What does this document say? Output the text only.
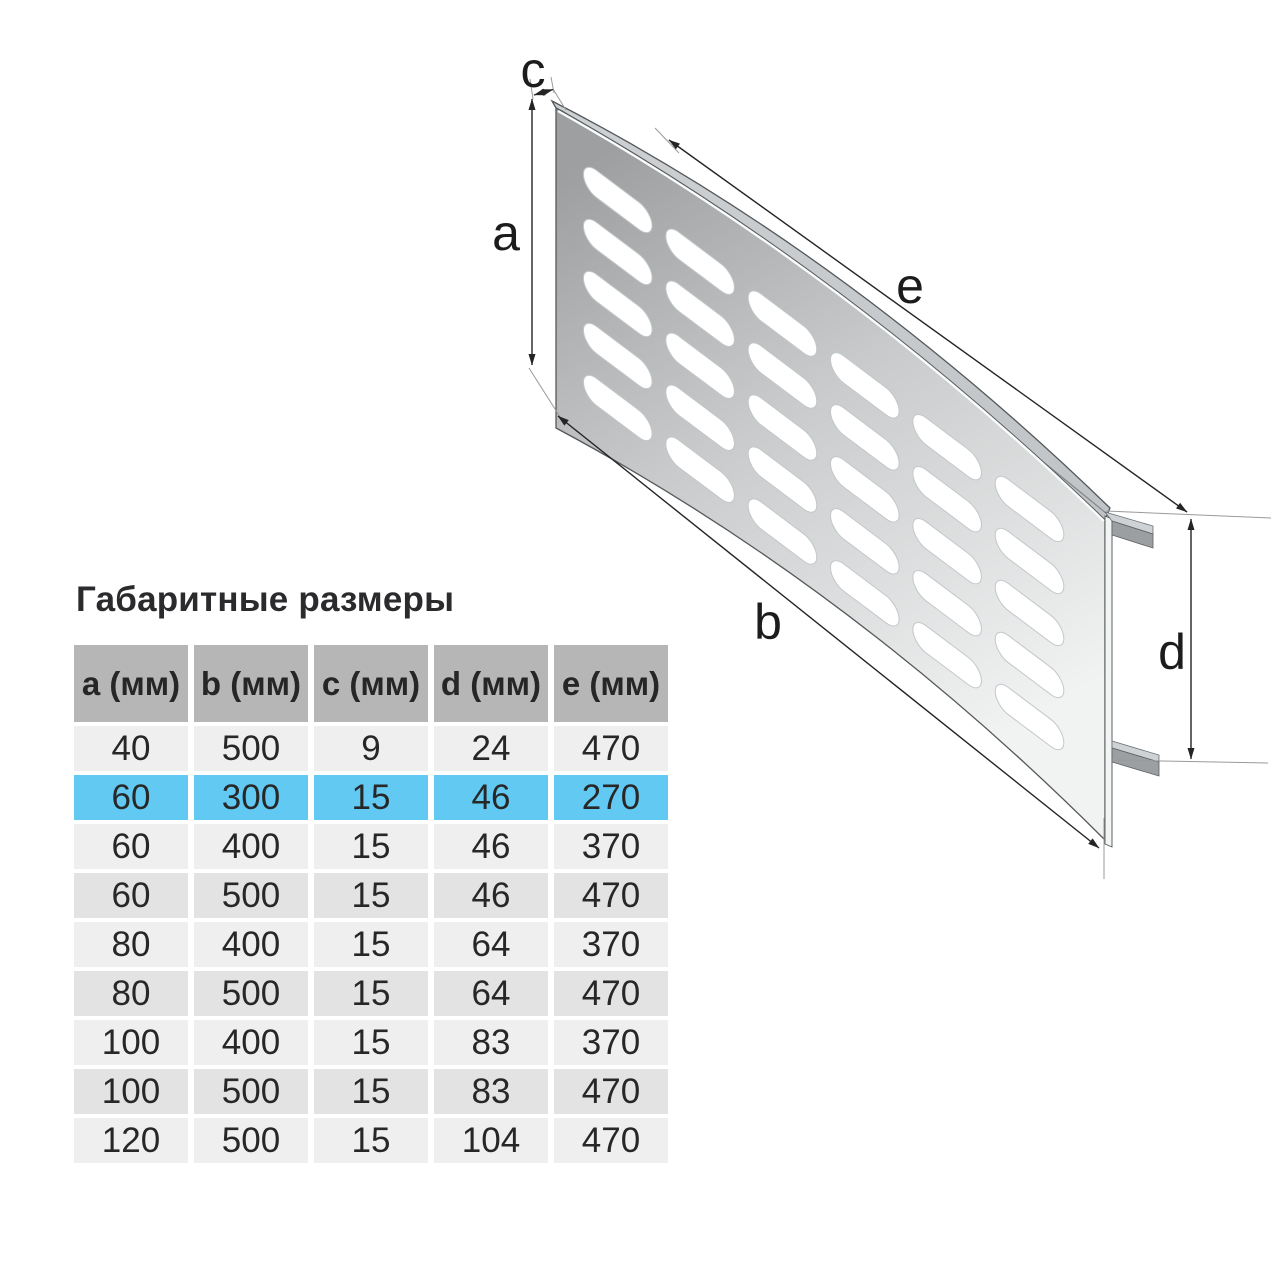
c
a
e
b
d
Габаритные размеры
a (мм) b (мм) c (мм) d (мм) e (мм)
40	500	9	24	470
60	300	15	46	270
60	400	15	46	370
60	500	15	46	470
80	400	15	64	370
80	500	15	64	470
100	400	15	83	370
100	500	15	83	470
120	500	15	104	470
